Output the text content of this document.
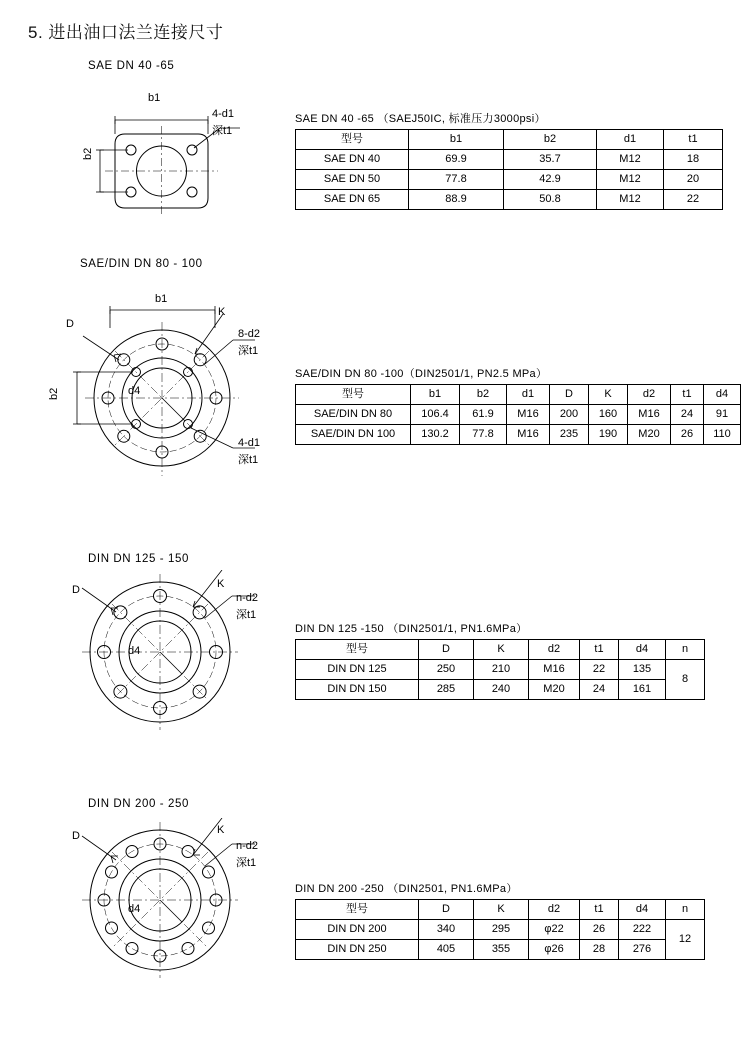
5. 进出油口法兰连接尺寸
SAE DN 40 -65
b1
b2
4-d1
深t1
SAE DN 40 -65 （SAEJ50IC, 标准压力3000psi）
型号	b1	b2	d1	t1
SAE DN 40	69.9	35.7	M12	18
SAE DN 50	77.8	42.9	M12	20
SAE DN 65	88.9	50.8	M12	22
SAE/DIN DN 80 - 100
b1
b2
D
K
d4
8-d2
深t1
4-d1
深t1
SAE/DIN DN 80 -100（DIN2501/1, PN2.5 MPa）
型号	b1	b2	d1	D	K	d2	t1	d4
SAE/DIN DN 80	106.4	61.9	M16	200	160	M16	24	91
SAE/DIN DN 100	130.2	77.8	M16	235	190	M20	26	110
DIN DN 125 - 150
D	K
n-d2
深t1
d4
DIN DN 125 -150 （DIN2501/1, PN1.6MPa）
型号	D	K	d2	t1	d4	n
DIN DN 125	250	210	M16	22	135	8
DIN DN 150	285	240	M20	24	161	
DIN DN 200 - 250
D	K
n-d2
深t1
d4
DIN DN 200 -250 （DIN2501, PN1.6MPa）
型号	D	K	d2	t1	d4	n
DIN DN 200	340	295	φ22	26	222	12
DIN DN 250	405	355	φ26	28	276	
